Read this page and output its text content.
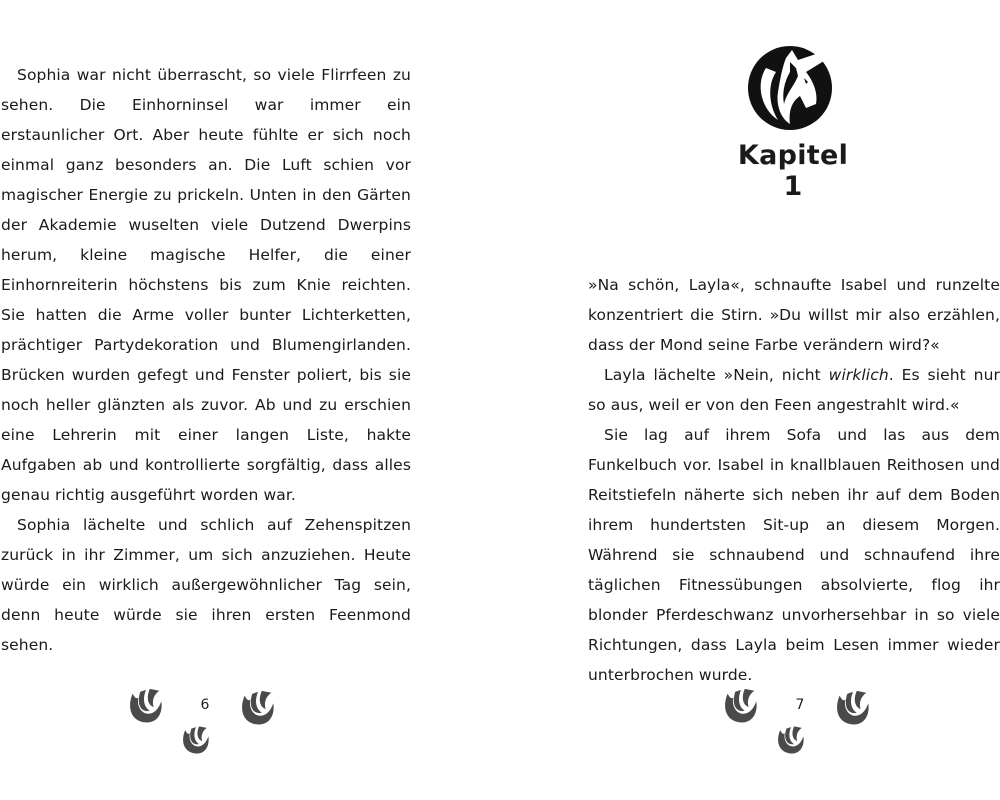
Sophia war nicht überrascht, so viele Flirrfeen zu sehen. Die Einhorninsel war immer ein erstaunlicher Ort. Aber heute fühlte er sich noch einmal ganz besonders an. Die Luft schien vor magischer Energie zu prickeln. Unten in den Gärten der Akademie wuselten viele Dutzend Dwerpins herum, kleine magische Helfer, die einer Einhornreiterin höchstens bis zum Knie reichten. Sie hatten die Arme voller bunter Lichterketten, prächtiger Partydekoration und Blumengirlanden. Brücken wurden gefegt und Fenster poliert, bis sie noch heller glänzten als zuvor. Ab und zu erschien eine Lehrerin mit einer langen Liste, hakte Aufgaben ab und kontrollierte sorgfältig, dass alles genau richtig ausgeführt worden war.

Sophia lächelte und schlich auf Zehenspitzen zurück in ihr Zimmer, um sich anzuziehen. Heute würde ein wirklich außergewöhnlicher Tag sein, denn heute würde sie ihren ersten Feenmond sehen.

6
Kapitel 1

»Na schön, Layla«, schnaufte Isabel und runzelte konzentriert die Stirn. »Du willst mir also erzählen, dass der Mond seine Farbe verändern wird?«

Layla lächelte »Nein, nicht wirklich. Es sieht nur so aus, weil er von den Feen angestrahlt wird.«

Sie lag auf ihrem Sofa und las aus dem Funkelbuch vor. Isabel in knallblauen Reithosen und Reitstiefeln näherte sich neben ihr auf dem Boden ihrem hundertsten Sit-up an diesem Morgen. Während sie schnaubend und schnaufend ihre täglichen Fitnessübungen absolvierte, flog ihr blonder Pferdeschwanz unvorhersehbar in so viele Richtungen, dass Layla beim Lesen immer wieder unterbrochen wurde.

7
